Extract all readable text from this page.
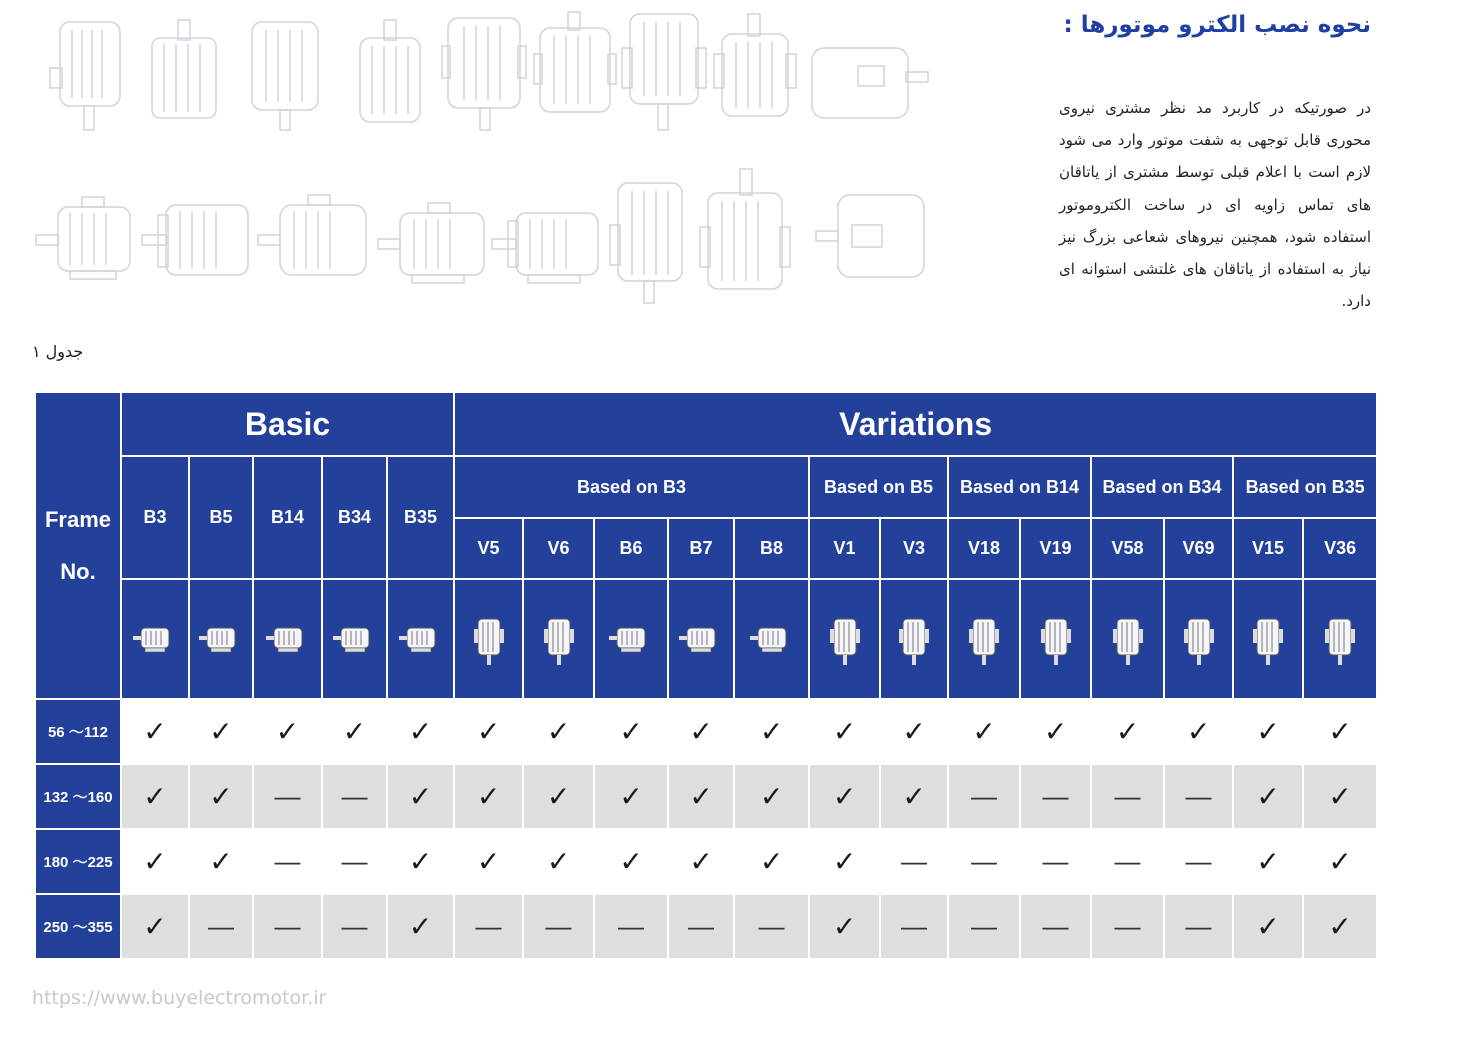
نحوه نصب الکترو موتورها :
در صورتیکه در کاربرد مد نظر مشتری نیروی محوری قابل توجهی به شفت موتور وارد می شود لازم است با اعلام قبلی توسط مشتری از یاتاقان های تماس زاویه ای در ساخت الکتروموتور استفاده شود، همچنین نیروهای شعاعی بزرگ نیز نیاز به استفاده از یاتاقان های غلتشی استوانه ای دارد.
جدول ۱
Frame
No.	Basic					Variations												
	B3	B5	B14	B34	B35	Based on B3					Based on B5		Based on B14		Based on B34		Based on B35	
						V5	V6	B6	B7	B8	V1	V3	V18	V19	V58	V69	V15	V36

56 ～112	✓	✓	✓	✓	✓	✓	✓	✓	✓	✓	✓	✓	✓	✓	✓	✓	✓	✓
132 ～160	✓	✓	—	—	✓	✓	✓	✓	✓	✓	✓	✓	—	—	—	—	✓	✓
180 ～225	✓	✓	—	—	✓	✓	✓	✓	✓	✓	✓	—	—	—	—	—	✓	✓
250 ～355	✓	—	—	—	✓	—	—	—	—	—	✓	—	—	—	—	—	✓	✓
https://www.buyelectromotor.ir
